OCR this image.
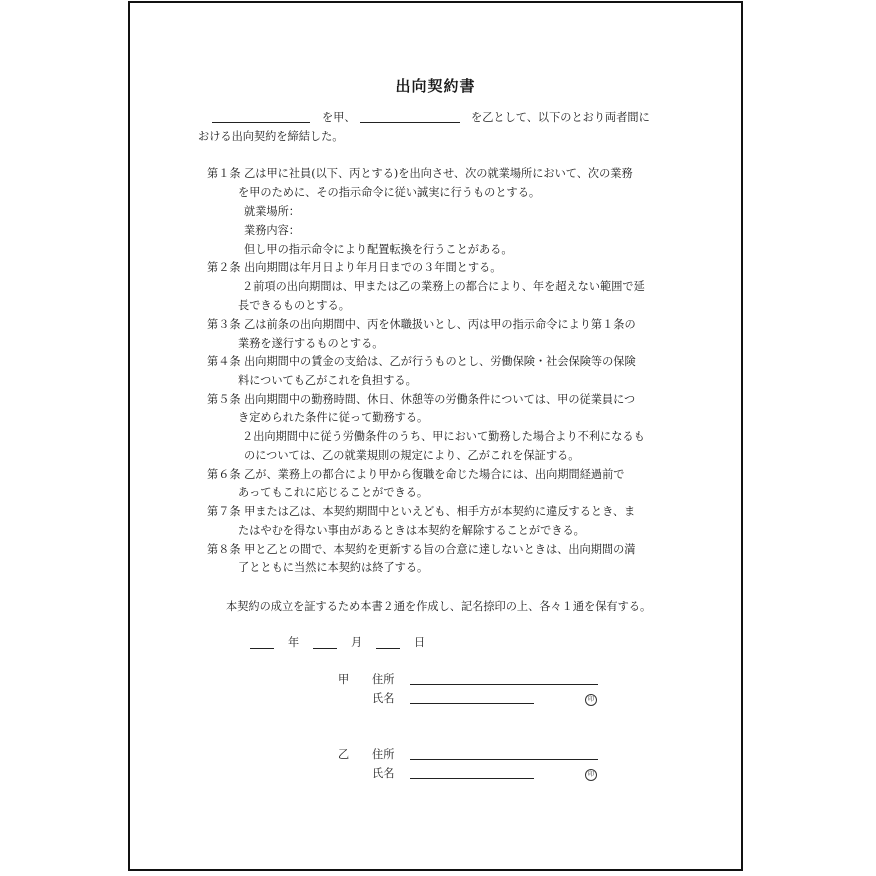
出向契約書
を甲、	を乙として、以下のとおり両者間に
おける出向契約を締結した。
第１条 乙は甲に社員(以下、丙とする)を出向させ、次の就業場所において、次の業務
を甲のために、その指示命令に従い誠実に行うものとする。
就業場所：
業務内容：
但し甲の指示命令により配置転換を行うことがある。
第２条 出向期間は年月日より年月日までの３年間とする。
２前項の出向期間は、甲または乙の業務上の都合により、年を超えない範囲で延
長できるものとする。
第３条 乙は前条の出向期間中、丙を休職扱いとし、丙は甲の指示命令により第１条の
業務を遂行するものとする。
第４条 出向期間中の賃金の支給は、乙が行うものとし、労働保険・社会保険等の保険
料についても乙がこれを負担する。
第５条 出向期間中の勤務時間、休日、休憩等の労働条件については、甲の従業員につ
き定められた条件に従って勤務する。
２出向期間中に従う労働条件のうち、甲において勤務した場合より不利になるも
のについては、乙の就業規則の規定により、乙がこれを保証する。
第６条 乙が、業務上の都合により甲から復職を命じた場合には、出向期間経過前で
あってもこれに応じることができる。
第７条 甲または乙は、本契約期間中といえども、相手方が本契約に違反するとき、ま
たはやむを得ない事由があるときは本契約を解除することができる。
第８条 甲と乙との間で、本契約を更新する旨の合意に達しないときは、出向期間の満
了とともに当然に本契約は終了する。
本契約の成立を証するため本書２通を作成し、記名捺印の上、各々１通を保有する。
年	月	日
甲 住所
氏名	印
乙 住所
氏名	印
